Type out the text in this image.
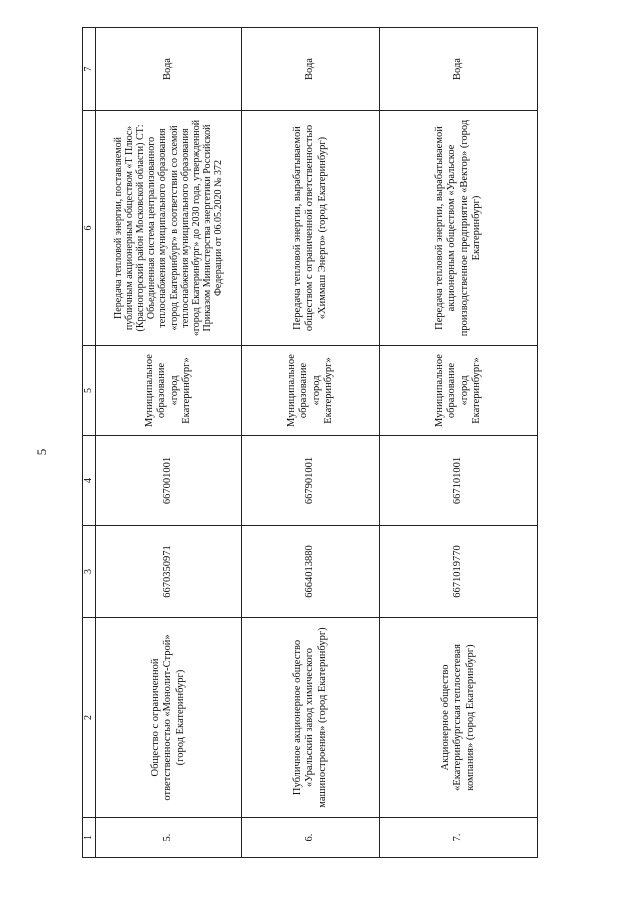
5
1	2	3	4	5	6	7
5.	Общество с ограниченной ответственностью «Монолит-Строй» (город Екатеринбург)	6670350971	667001001	Муниципальное образование «город Екатеринбург»	Передача тепловой энергии, поставляемой публичным акционерным обществом «Т Плюс» (Красногорский район Московской области) СТ: Объединенная система централизованного теплоснабжения муниципального образования «город Екатеринбург» в соответствии со схемой теплоснабжения муниципального образования «город Екатеринбург» до 2030 года, утвержденной Приказом Министерства энергетики Российской Федерации от 06.05.2020 № 372	Вода
6.	Публичное акционерное общество «Уральский завод химического машиностроения» (город Екатеринбург)	6664013880	667901001	Муниципальное образование «город Екатеринбург»	Передача тепловой энергии, вырабатываемой обществом с ограниченной ответственностью «Химмаш Энерго» (город Екатеринбург)	Вода
7.	Акционерное общество «Екатеринбургская теплосетевая компания» (город Екатеринбург)	6671019770	667101001	Муниципальное образование «город Екатеринбург»	Передача тепловой энергии, вырабатываемой акционерным обществом «Уральское производственное предприятие «Вектор» (город Екатеринбург)	Вода
